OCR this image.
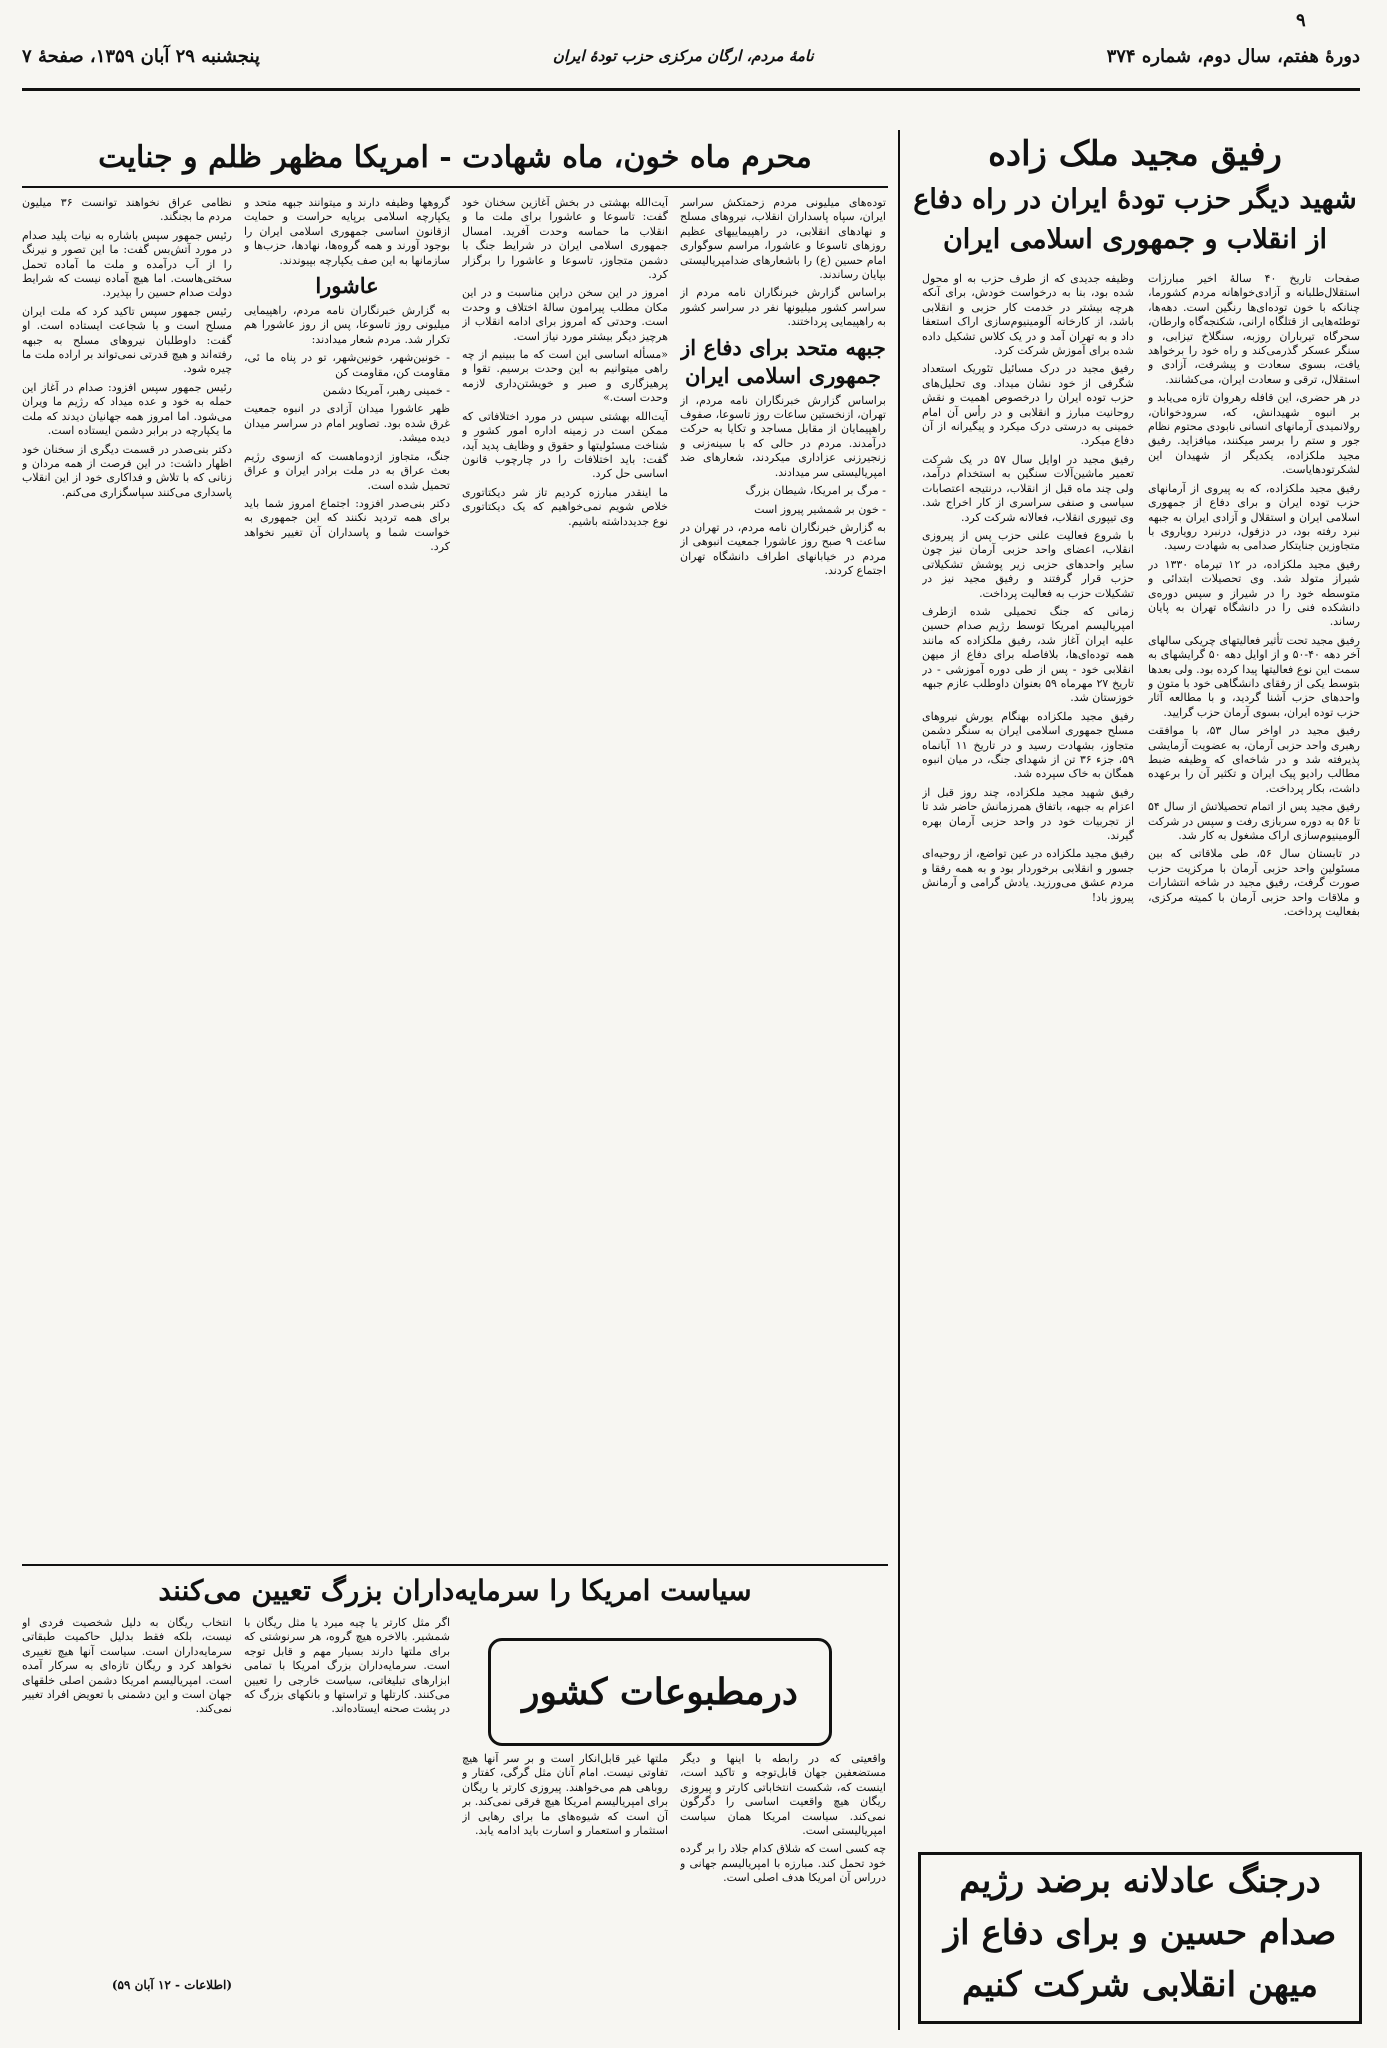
۹
دورهٔ هفتم، سال دوم، شماره ۳۷۴
نامهٔ مردم، ارگان مرکزی حزب تودهٔ ایران
پنجشنبه ۲۹ آبان ۱۳۵۹، صفحهٔ ۷
رفیق مجید ملک زاده
شهید دیگر حزب تودهٔ ایران در راه دفاع
از انقلاب و جمهوری اسلامی ایران

صفحات تاریخ ۴۰ سالهٔ اخیر مبارزات استقلال‌طلبانه و آزادی‌خواهانه مردم کشورما، چنانکه با خون توده‌ای‌ها رنگین است. دهه‌ها، توطئه‌هایی از قتلگاه ارانی، شکنجه‌گاه وارطان، سحرگاه تیرباران روزبه، سنگلاخ تیزابی، و سنگر عسکر گذرمی‌کند و راه خود را برخواهد یافت، بسوی سعادت و پیشرفت، آزادی و استقلال، ترقی و سعادت ایران، می‌کشانند.

در هر حضری، این قافله رهروان تازه می‌یابد و بر انبوه شهیدانش، که، سرودخوانان، رولانمیدی آرمانهای انسانی نابودی محتوم نظام جور و ستم را برسر میکنند، میافزاید. رفیق مجید ملکزاده، یکدیگر از شهیدان این لشکرتودهایاست.

رفیق مجید ملکزاده، که به پیروی از آرمانهای حزب توده ایران و برای دفاع از جمهوری اسلامی ایران و استقلال و آزادی ایران به جبهه نبرد رفته بود، در دزفول، درنبرد رویاروی با متجاوزین جنایتکار صدامی به شهادت رسید.

رفیق مجید ملکزاده، در ۱۲ تیرماه ۱۳۳۰ در شیراز متولد شد. وی تحصیلات ابتدائی و متوسطه خود را در شیراز و سپس دوره‌ی دانشکده فنی را در دانشگاه تهران به پایان رساند.

رفیق مجید تحت تأثیر فعالیتهای چریکی سالهای آخر دهه ۴۰-۵۰ و از اوایل دهه ۵۰ گرایشهای به سمت این نوع فعالیتها پیدا کرده بود. ولی بعدها بتوسط یکی از رفقای دانشگاهی خود با متون و واحدهای حزب آشنا گردید، و با مطالعه آثار حزب توده ایران، بسوی آرمان حزب گرایید.

رفیق مجید در اواخر سال ۵۳، با موافقت رهبری واحد حزبی آرمان، به عضویت آزمایشی پذیرفته شد و در شاخه‌ای که وظیفه ضبط مطالب رادیو پیک ایران و تکثیر آن را برعهده داشت، بکار پرداخت.

رفیق مجید پس از اتمام تحصیلاتش از سال ۵۴ تا ۵۶ به دوره سربازی رفت و سپس در شرکت آلومینیوم‌سازی اراک مشغول به کار شد.

در تابستان سال ۵۶، طی ملاقاتی که بین مسئولین واحد حزبی آرمان با مرکزیت حزب صورت گرفت، رفیق مجید در شاخه انتشارات و ملاقات واحد حزبی آرمان با کمیته مرکزی، بفعالیت پرداخت.

وظیفه جدیدی که از طرف حزب به او محول شده بود، بنا به درخواست خودش، برای آنکه هرچه بیشتر در خدمت کار حزبی و انقلابی باشد، از کارخانه آلومینیوم‌سازی اراک استعفا داد و به تهران آمد و در یک کلاس تشکیل داده شده برای آموزش شرکت کرد.

رفیق مجید در درک مسائیل تئوریک استعداد شگرفی از خود نشان میداد. وی تحلیل‌های حزب توده ایران را درخصوص اهمیت و نقش روحانیت مبارز و انقلابی و در رأس آن امام خمینی به درستی درک میکرد و پیگیرانه از آن دفاع میکرد.

رفیق مجید در اوایل سال ۵۷ در یک شرکت تعمیر ماشین‌آلات سنگین به استخدام درآمد، ولی چند ماه قبل از انقلاب، درنتیجه اعتصابات سیاسی و صنفی سراسری از کار اخراج شد. وی تیپوری انقلاب، فعالانه شرکت کرد.

با شروع فعالیت علنی حزب پس از پیروزی انقلاب، اعضای واحد حزبی آرمان نیز چون سایر واحدهای حزبی زیر پوشش تشکیلاتی حزب قرار گرفتند و رفیق مجید نیز در تشکیلات حزب به فعالیت پرداخت.

زمانی که جنگ تحمیلی شده ازطرف امپریالیسم امریکا توسط رژیم صدام حسین علیه ایران آغاز شد، رفیق ملکزاده که مانند همه توده‌ای‌ها، بلافاصله برای دفاع از میهن انقلابی خود - پس از طی دوره آموزشی - در تاریخ ۲۷ مهرماه ۵۹ بعنوان داوطلب عازم جبهه خوزستان شد.

رفیق مجید ملکزاده بهنگام یورش نیروهای مسلح جمهوری اسلامی ایران به سنگر دشمن متجاوز، بشهادت رسید و در تاریخ ۱۱ آبانماه ۵۹، جزء ۳۶ تن از شهدای جنگ، در میان انبوه همگان به خاک سپرده شد.

رفیق شهید مجید ملکزاده، چند روز قبل از اعزام به جبهه، باتفاق همرزمانش حاضر شد تا از تجربیات خود در واحد حزبی آرمان بهره گیرند.

رفیق مجید ملکزاده در عین تواضع، از روحیه‌ای جسور و انقلابی برخوردار بود و به همه رفقا و مردم عشق می‌ورزید. یادش گرامی و آرمانش پیروز باد!

محرم ماه خون، ماه شهادت - امریکا مظهر ظلم و جنایت

توده‌های میلیونی مردم زحمتکش سراسر ایران، سپاه پاسداران انقلاب، نیروهای مسلح و نهادهای انقلابی، در راهپیماییهای عظیم روزهای تاسوعا و عاشورا، مراسم سوگواری امام حسین (ع) را باشعارهای ضدامپریالیستی بپایان رساندند.

براساس گزارش خبرنگاران نامه مردم از سراسر کشور میلیونها نفر در سراسر کشور به راهپیمایی پرداختند.

جبهه متحد برای دفاع از جمهوری اسلامی ایران

براساس گزارش خبرنگاران نامه مردم، از تهران، ازنخستین ساعات روز تاسوعا، صفوف راهپیمایان از مقابل مساجد و تکایا به حرکت درآمدند. مردم در حالی که با سینه‌زنی و زنجیرزنی عزاداری میکردند، شعارهای ضد امپریالیستی سر میدادند.

- مرگ بر امریکا، شیطان بزرگ

- خون بر شمشیر پیروز است

به گزارش خبرنگاران نامه مردم، در تهران در ساعت ۹ صبح روز عاشورا جمعیت انبوهی از مردم در خیابانهای اطراف دانشگاه تهران اجتماع کردند.

آیت‌الله بهشتی در بخش آغازین سخنان خود گفت: تاسوعا و عاشورا برای ملت ما و انقلاب ما حماسه وحدت آفرید. امسال جمهوری اسلامی ایران در شرایط جنگ با دشمن متجاوز، تاسوعا و عاشورا را برگزار کرد.

امروز در این سخن دراین مناسبت و در این مکان مطلب پیرامون سالهٔ اختلاف و وحدت است. وحدتی که امروز برای ادامه انقلاب از هرچیز دیگر بیشتر مورد نیاز است.

«مسأله اساسی این است که ما ببینیم از چه راهی میتوانیم به این وحدت برسیم. تقوا و پرهیزگاری و صبر و خویشتن‌داری لازمه وحدت است.»

آیت‌الله بهشتی سپس در مورد اختلافاتی که ممکن است در زمینه اداره امور کشور و شناخت مسئولیتها و حقوق و وظایف پدید آید، گفت: باید اختلافات را در چارچوب قانون اساسی حل کرد.

ما اینقدر مبارزه کردیم تاز شر دیکتاتوری خلاص شویم نمی‌خواهیم که یک دیکتاتوری نوع جدیدداشته باشیم.

گروهها وظیفه دارند و میتوانند جبهه متحد و یکپارچه اسلامی برپایه حراست و حمایت ازقانون اساسی جمهوری اسلامی ایران را بوجود آورند و همه گروه‌ها، نهادها، حزب‌ها و سازمانها به این صف یکپارچه بپیوندند.

عاشورا

به گزارش خبرنگاران نامه مردم، راهپیمایی میلیونی روز تاسوعا، پس از روز عاشورا هم تکرار شد. مردم شعار میدادند:

- خونین‌شهر، خونین‌شهر، تو در پناه ما ئی، مقاومت کن، مقاومت کن

- خمینی رهبر، آمریکا دشمن

ظهر عاشورا میدان آزادی در انبوه جمعیت غرق شده بود. تصاویر امام در سراسر میدان دیده میشد.

جنگ، متجاوز ازدوماهست که ازسوی رژیم بعث عراق به در ملت برادر ایران و عراق تحمیل شده است.

دکتر بنی‌صدر افزود: اجتماع امروز شما باید برای همه تردید نکنند که این جمهوری به خواست شما و پاسداران آن تغییر نخواهد کرد.

نظامی عراق نخواهند توانست ۳۶ میلیون مردم ما بجنگند.

رئیس جمهور سپس باشاره به نیات پلید صدام در مورد آتش‌بس گفت: ما این تصور و نیرنگ را از آب درآمده و ملت ما آماده تحمل سختی‌هاست. اما هیچ آماده نیست که شرایط دولت صدام حسین را بپذیرد.

رئیس جمهور سپس تاکید کرد که ملت ایران مسلح است و با شجاعت ایستاده است. او گفت: داوطلبان نیروهای مسلح به جبهه رفته‌اند و هیچ قدرتی نمی‌تواند بر اراده ملت ما چیره شود.

رئیس جمهور سپس افزود: صدام در آغاز این حمله به خود و عده میداد که رژیم ما ویران می‌شود. اما امروز همه جهانیان دیدند که ملت ما یکپارچه در برابر دشمن ایستاده است.

دکتر بنی‌صدر در قسمت دیگری از سخنان خود اظهار داشت: در این فرصت از همه مردان و زنانی که با تلاش و فداکاری خود از این انقلاب پاسداری می‌کنند سپاسگزاری می‌کنم.

سیاست امریکا را سرمایه‌داران بزرگ تعیین می‌کنند
درمطبوعات کشور

واقعیتی که در رابطه با اینها و دیگر مستضعفین جهان قابل‌توجه و تاکید است، اینست که، شکست انتخاباتی کارتر و پیروزی ریگان هیچ واقعیت اساسی را دگرگون نمی‌کند. سیاست امریکا همان سیاست امپریالیستی است.

چه کسی است که شلاق کدام جلاد را بر گرده خود تحمل کند. مبارزه با امپریالیسم جهانی و درراس آن امریکا هدف اصلی است.

ملتها غیر قابل‌انکار است و بر سر آنها هیچ تفاوتی نیست. امام آنان مثل گرگی، کفتار و روباهی هم می‌خواهند. پیروزی کارتر یا ریگان برای امپریالیسم امریکا هیچ فرقی نمی‌کند. بر آن است که شیوه‌های ما برای رهایی از استثمار و استعمار و اسارت باید ادامه یابد.

اگر مثل کارتر یا چیه میرد یا مثل ریگان با شمشیر. بالاخره هیچ گروه، هر سرنوشتی که برای ملتها دارند بسیار مهم و قابل توجه است. سرمایه‌داران بزرگ امریکا با تمامی ابزارهای تبلیغاتی، سیاست خارجی را تعیین می‌کنند. کارتلها و تراستها و بانکهای بزرگ که در پشت صحنه ایستاده‌اند.

انتخاب ریگان به دلیل شخصیت فردی او نیست، بلکه فقط بدلیل حاکمیت طبقاتی سرمایه‌داران است. سیاست آنها هیچ تغییری نخواهد کرد و ریگان تازه‌ای به سرکار آمده است. امپریالیسم امریکا دشمن اصلی خلقهای جهان است و این دشمنی با تعویض افراد تغییر نمی‌کند.

(اطلاعات - ۱۲ آبان ۵۹)
درجنگ عادلانه برضد رژیم
صدام حسین و برای دفاع از
میهن انقلابی شرکت کنیم
